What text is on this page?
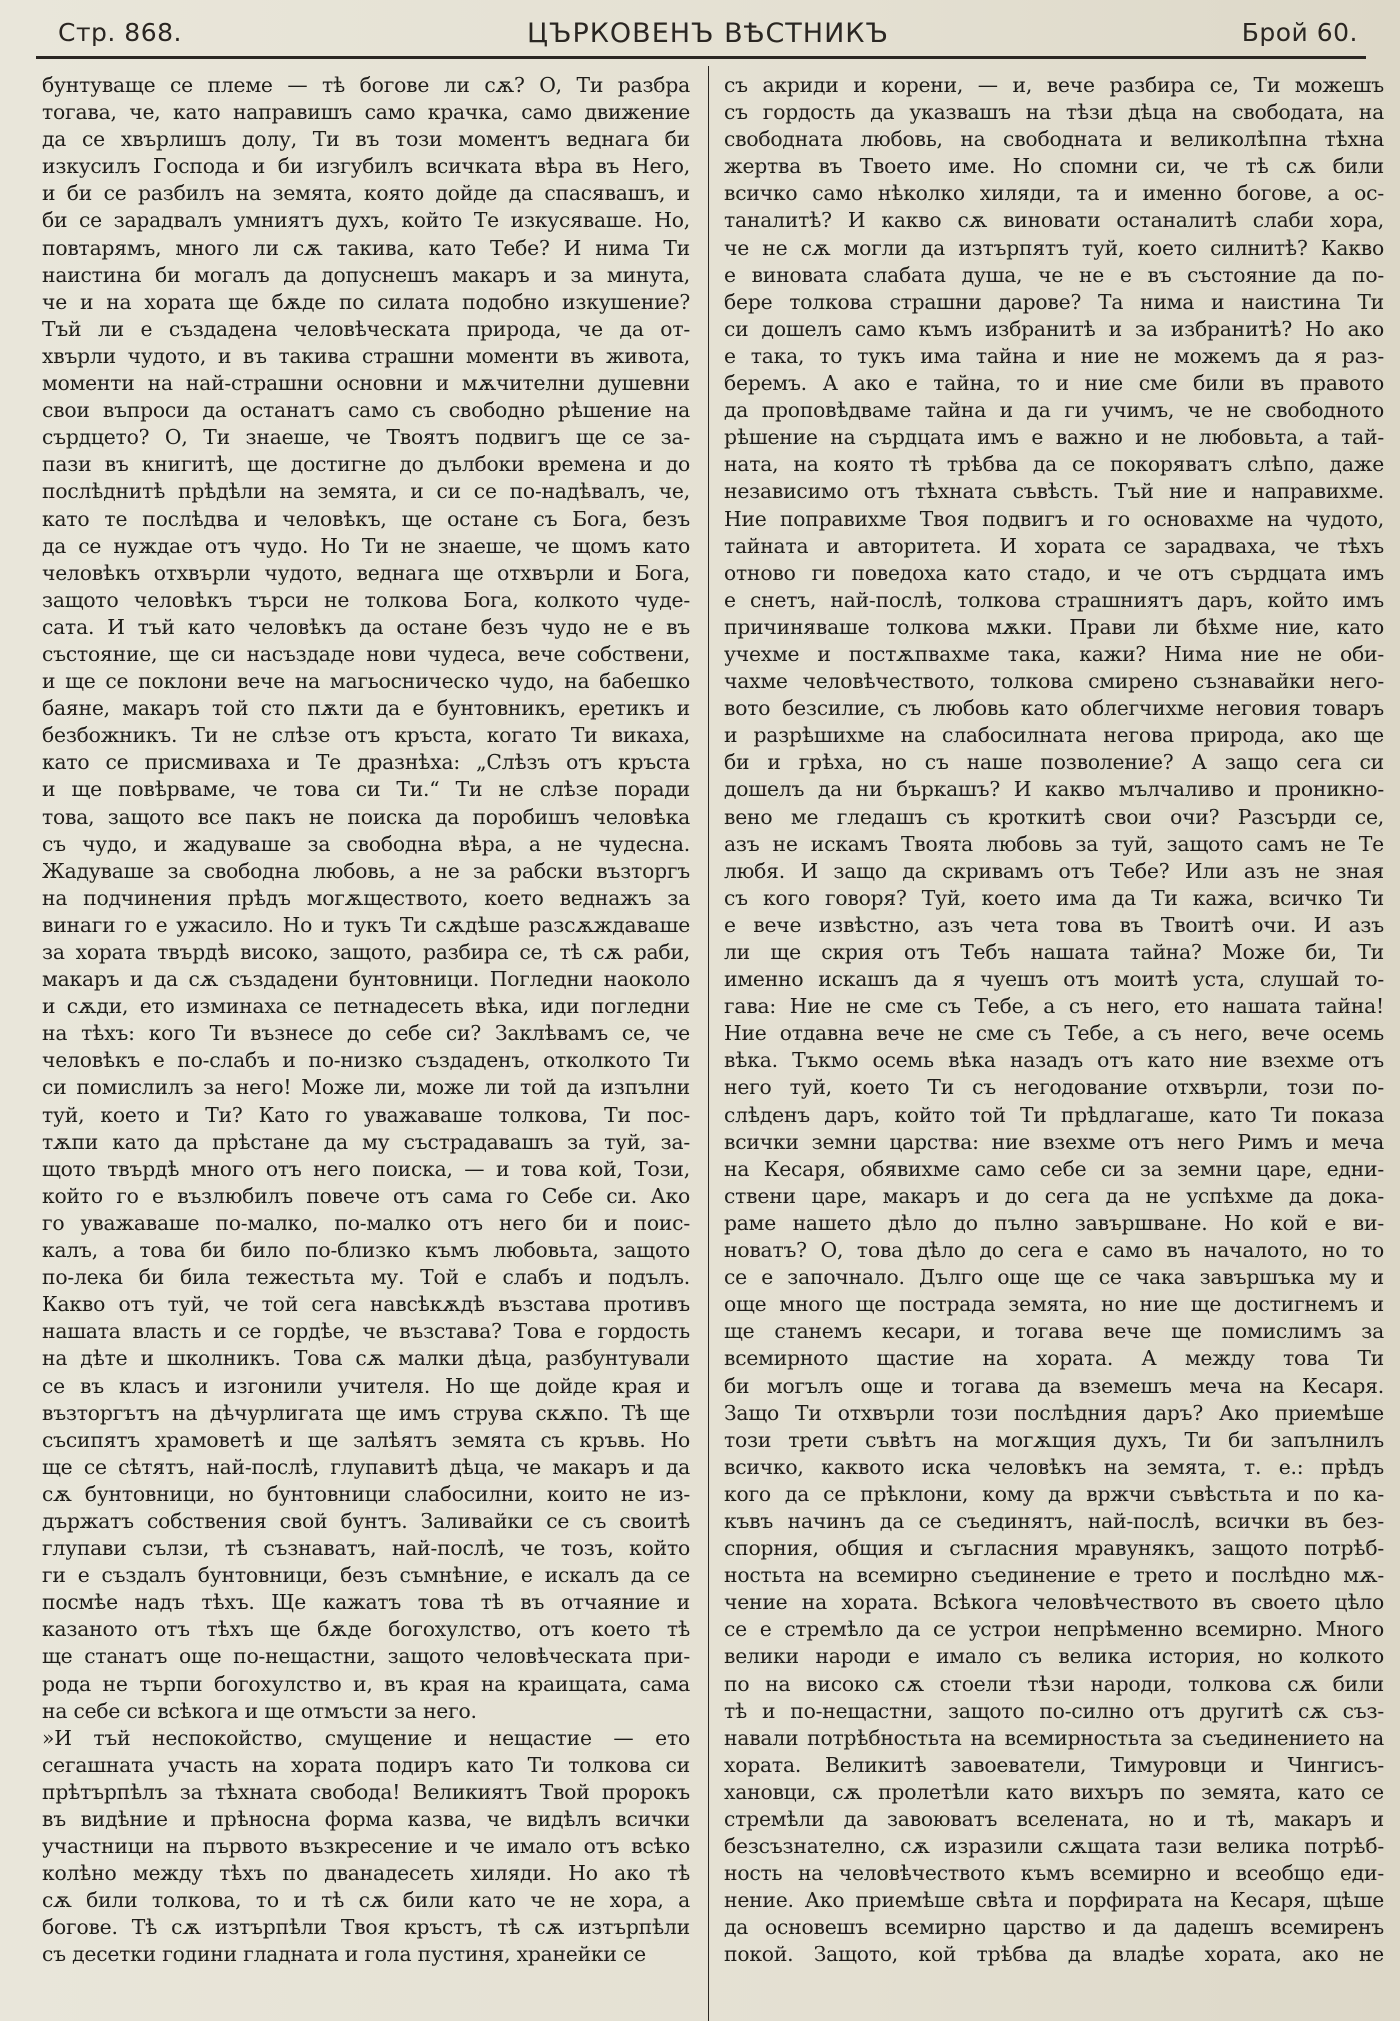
Стр. 868.	ЦЪРКОВЕНЪ ВѢСТНИКЪ	Брой 60.
бунтуваще се племе — тѣ богове ли сѫ? О, Ти разбра
тогава, че, като направишъ само крачка, само движение
да се хвърлишъ долу, Ти въ този моментъ веднага би
изкусилъ Господа и би изгубилъ всичката вѣра въ Него,
и би се разбилъ на земята, която дойде да спасявашъ, и
би се зарадвалъ умниятъ духъ, който Те изкусяваше. Но,
повтарямъ, много ли сѫ такива, като Тебе? И нима Ти
наистина би могалъ да допуснешъ макаръ и за минута,
че и на хората ще бѫде по силата подобно изкушение?
Тъй ли е създадена человѣческата природа, че да от-
хвърли чудото, и въ такива страшни моменти въ живота,
моменти на най-страшни основни и мѫчителни душевни
свои въпроси да останатъ само съ свободно рѣшение на
сърдцето? О, Ти знаеше, че Твоятъ подвигъ ще се за-
пази въ книгитѣ, ще достигне до дълбоки времена и до
послѣднитѣ прѣдѣли на земята, и си се по-надѣвалъ, че,
като те послѣдва и человѣкъ, ще остане съ Бога, безъ
да се нуждае отъ чудо. Но Ти не знаеше, че щомъ като
человѣкъ отхвърли чудото, веднага ще отхвърли и Бога,
защото человѣкъ търси не толкова Бога, колкото чуде-
сата. И тъй като человѣкъ да остане безъ чудо не е въ
състояние, ще си насъздаде нови чудеса, вече собствени,
и ще се поклони вече на магьосническо чудо, на бабешко
баяне, макаръ той сто пѫти да е бунтовникъ, еретикъ и
безбожникъ. Ти не слѣзе отъ кръста, когато Ти викаха,
като се присмиваха и Те дразнѣха: „Слѣзъ отъ кръста
и ще повѣрваме, че това си Ти.“ Ти не слѣзе поради
това, защото все пакъ не поиска да поробишъ человѣка
съ чудо, и жадуваше за свободна вѣра, а не чудесна.
Жадуваше за свободна любовь, а не за рабски възторгъ
на подчинения прѣдъ могѫществото, което веднажъ за
винаги го е ужасило. Но и тукъ Ти сѫдѣше разсѫждаваше
за хората твърдѣ високо, защото, разбира се, тѣ сѫ раби,
макаръ и да сѫ създадени бунтовници. Погледни наоколо
и сѫди, ето изминаха се петнадесеть вѣка, иди погледни
на тѣхъ: кого Ти възнесе до себе си? Заклѣвамъ се, че
человѣкъ е по-слабъ и по-низко създаденъ, отколкото Ти
си помислилъ за него! Може ли, може ли той да изпълни
туй, което и Ти? Като го уважаваше толкова, Ти пос-
тѫпи като да прѣстане да му състрадавашъ за туй, за-
щото твърдѣ много отъ него поиска, — и това кой, Този,
който го е възлюбилъ повече отъ сама го Себе си. Ако
го уважаваше по-малко, по-малко отъ него би и поис-
калъ, а това би било по-близко къмъ любовьта, защото
по-лека би била тежестьта му. Той е слабъ и подълъ.
Какво отъ туй, че той сега навсѣкѫдѣ възстава противъ
нашата власть и се гордѣе, че възстава? Това е гордость
на дѣте и школникъ. Това сѫ малки дѣца, разбунтували
се въ класъ и изгонили учителя. Но ще дойде края и
възторгътъ на дѣчурлигата ще имъ струва скѫпо. Тѣ ще
съсипятъ храмоветѣ и ще залѣятъ земята съ кръвь. Но
ще се сѣтятъ, най-послѣ, глупавитѣ дѣца, че макаръ и да
сѫ бунтовници, но бунтовници слабосилни, които не из-
държатъ собствения свой бунтъ. Заливайки се съ своитѣ
глупави сълзи, тѣ съзнаватъ, най-послѣ, че тозъ, който
ги е създалъ бунтовници, безъ съмнѣние, е искалъ да се
посмѣе надъ тѣхъ. Ще кажатъ това тѣ въ отчаяние и
казаното отъ тѣхъ ще бѫде богохулство, отъ което тѣ
ще станатъ още по-нещастни, защото человѣческата при-
рода не търпи богохулство и, въ края на краищата, сама
на себе си всѣкога и ще отмъсти за него.
»И тъй неспокойство, смущение и нещастие — ето
сегашната участь на хората подиръ като Ти толкова си
прѣтърпѣлъ за тѣхната свобода! Великиятъ Твой пророкъ
въ видѣние и прѣносна форма казва, че видѣлъ всички
участници на първото възкресение и че имало отъ всѣко
колѣно между тѣхъ по дванадесеть хиляди. Но ако тѣ
сѫ били толкова, то и тѣ сѫ били като че не хора, а
богове. Тѣ сѫ изтърпѣли Твоя кръстъ, тѣ сѫ изтърпѣли
съ десетки години гладната и гола пустиня, хранейки се
съ акриди и корени, — и, вече разбира се, Ти можешъ
съ гордость да указвашъ на тѣзи дѣца на свободата, на
свободната любовь, на свободната и великолѣпна тѣхна
жертва въ Твоето име. Но спомни си, че тѣ сѫ били
всичко само нѣколко хиляди, та и именно богове, а ос-
таналитѣ? И какво сѫ виновати останалитѣ слаби хора,
че не сѫ могли да изтърпятъ туй, което силнитѣ? Какво
е виновата слабата душа, че не е въ състояние да по-
бере толкова страшни дарове? Та нима и наистина Ти
си дошелъ само къмъ избранитѣ и за избранитѣ? Но ако
е така, то тукъ има тайна и ние не можемъ да я раз-
беремъ. А ако е тайна, то и ние сме били въ правото
да проповѣдваме тайна и да ги учимъ, че не свободното
рѣшение на сърдцата имъ е важно и не любовьта, а тай-
ната, на която тѣ трѣбва да се покоряватъ слѣпо, даже
независимо отъ тѣхната съвѣсть. Тъй ние и направихме.
Ние поправихме Твоя подвигъ и го основахме на чудото,
тайната и авторитета. И хората се зарадваха, че тѣхъ
отново ги поведоха като стадо, и че отъ сърдцата имъ
е снетъ, най-послѣ, толкова страшниятъ даръ, който имъ
причиняваше толкова мѫки. Прави ли бѣхме ние, като
учехме и постѫпвахме така, кажи? Нима ние не оби-
чахме человѣчеството, толкова смирено съзнавайки него-
вото безсилие, съ любовь като облегчихме неговия товаръ
и разрѣшихме на слабосилната негова природа, ако ще
би и грѣха, но съ наше позволение? А защо сега си
дошелъ да ни бъркашъ? И какво мълчаливо и проникно-
вено ме гледашъ съ кроткитѣ свои очи? Разсърди се,
азъ не искамъ Твоята любовь за туй, защото самъ не Те
любя. И защо да скривамъ отъ Тебе? Или азъ не зная
съ кого говоря? Туй, което има да Ти кажа, всичко Ти
е вече извѣстно, азъ чета това въ Твоитѣ очи. И азъ
ли ще скрия отъ Тебъ нашата тайна? Може би, Ти
именно искашъ да я чуешъ отъ моитѣ уста, слушай то-
гава: Ние не сме съ Тебе, а съ него, ето нашата тайна!
Ние отдавна вече не сме съ Тебе, а съ него, вече осемь
вѣка. Тъкмо осемь вѣка назадъ отъ като ние взехме отъ
него туй, което Ти съ негодование отхвърли, този по-
слѣденъ даръ, който той Ти прѣдлагаше, като Ти показа
всички земни царства: ние взехме отъ него Римъ и меча
на Кесаря, обявихме само себе си за земни царе, едни-
ствени царе, макаръ и до сега да не успѣхме да дока-
раме нашето дѣло до пълно завършване. Но кой е ви-
новатъ? О, това дѣло до сега е само въ началото, но то
се е започнало. Дълго още ще се чака завършъка му и
още много ще пострада земята, но ние ще достигнемъ и
ще станемъ кесари, и тогава вече ще помислимъ за
всемирното щастие на хората. А между това Ти
би могълъ още и тогава да вземешъ меча на Кесаря.
Защо Ти отхвърли този послѣдния даръ? Ако приемѣше
този трети съвѣтъ на могѫщия духъ, Ти би запълнилъ
всичко, каквото иска человѣкъ на земята, т. е.: прѣдъ
кого да се прѣклони, кому да вржчи съвѣстьта и по ка-
къвъ начинъ да се съединятъ, най-послѣ, всички въ без-
спорния, общия и съгласния мравунякъ, защото потрѣб-
ностьта на всемирно съединение е трето и послѣдно мѫ-
чение на хората. Всѣкога человѣчеството въ своето цѣло
се е стремѣло да се устрои непрѣменно всемирно. Много
велики народи е имало съ велика история, но колкото
по на високо сѫ стоели тѣзи народи, толкова сѫ били
тѣ и по-нещастни, защото по-силно отъ другитѣ сѫ съз-
навали потрѣбностьта на всемирностьта за съединението на
хората. Великитѣ завоеватели, Тимуровци и Чингисъ-
хановци, сѫ пролетѣли като вихъръ по земята, като се
стремѣли да завоюватъ вселената, но и тѣ, макаръ и
безсъзнателно, сѫ изразили сѫщата тази велика потрѣб-
ность на человѣчеството къмъ всемирно и всеобщо еди-
нение. Ако приемѣше свѣта и порфирата на Кесаря, щѣше
да основешъ всемирно царство и да дадешъ всемиренъ
покой. Защото, кой трѣбва да владѣе хората, ако не
